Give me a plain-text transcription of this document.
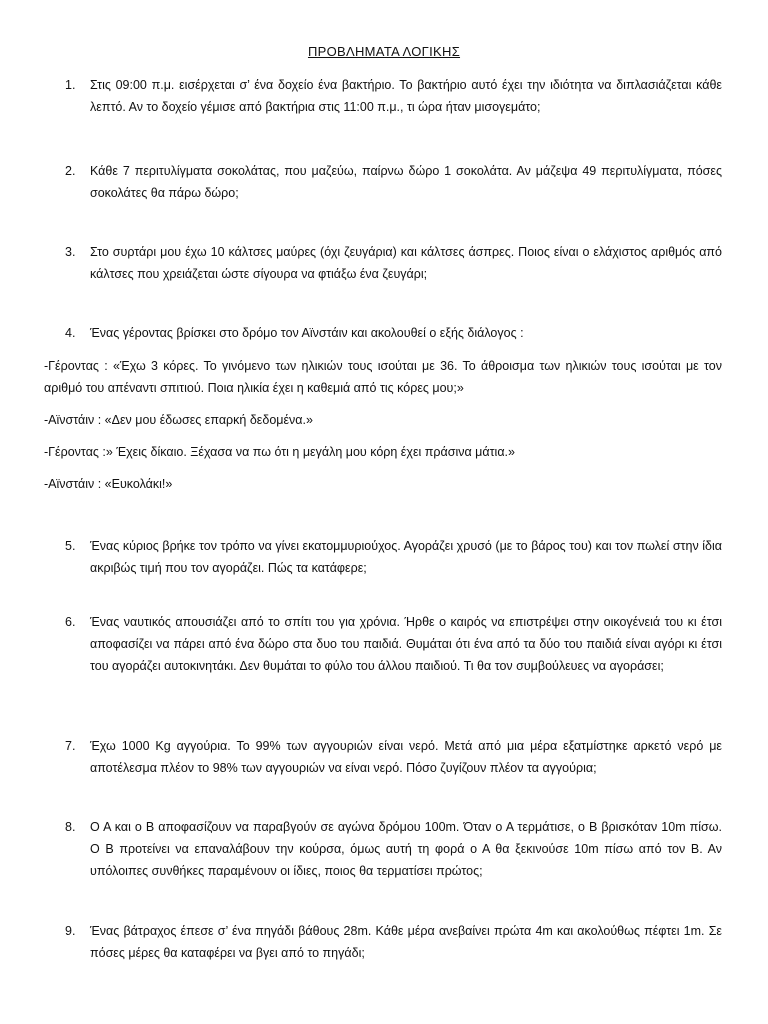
ΠΡΟΒΛΗΜΑΤΑ ΛΟΓΙΚΗΣ
1.	Στις 09:00 π.μ. εισέρχεται σ’ ένα δοχείο ένα βακτήριο. Το βακτήριο αυτό έχει την ιδιότητα να διπλασιάζεται κάθε λεπτό. Αν το δοχείο γέμισε από βακτήρια στις 11:00 π.μ., τι ώρα ήταν μισογεμάτο;
2.	Κάθε 7 περιτυλίγματα σοκολάτας, που μαζεύω, παίρνω δώρο 1 σοκολάτα. Αν μάζεψα 49 περιτυλίγματα, πόσες σοκολάτες θα πάρω δώρο;
3.	Στο συρτάρι μου έχω 10 κάλτσες μαύρες (όχι ζευγάρια) και κάλτσες άσπρες. Ποιος είναι ο ελάχιστος αριθμός από κάλτσες που χρειάζεται ώστε σίγουρα να φτιάξω ένα ζευγάρι;
4.	Ένας γέροντας βρίσκει στο δρόμο τον Αϊνστάιν και ακολουθεί ο εξής διάλογος :
-Γέροντας : «Έχω 3 κόρες. Το γινόμενο των ηλικιών τους ισούται με 36. Το άθροισμα των ηλικιών τους ισούται με τον αριθμό του απέναντι σπιτιού. Ποια ηλικία έχει η καθεμιά από τις κόρες μου;»
-Αϊνστάιν : «Δεν μου έδωσες επαρκή δεδομένα.»
-Γέροντας :» Έχεις δίκαιο. Ξέχασα να πω ότι η μεγάλη μου κόρη έχει πράσινα μάτια.»
-Αϊνστάιν : «Ευκολάκι!»
5.	Ένας κύριος βρήκε τον τρόπο να γίνει εκατομμυριούχος. Αγοράζει χρυσό (με το βάρος του) και τον πωλεί στην ίδια ακριβώς τιμή που τον αγοράζει. Πώς τα κατάφερε;
6.	Ένας ναυτικός απουσιάζει από το σπίτι του για χρόνια. Ήρθε ο καιρός να επιστρέψει στην οικογένειά του κι έτσι αποφασίζει να πάρει από ένα δώρο στα δυο του παιδιά. Θυμάται ότι ένα από τα δύο του παιδιά είναι αγόρι κι έτσι του αγοράζει αυτοκινητάκι. Δεν θυμάται το φύλο του άλλου παιδιού. Τι θα τον συμβούλευες να αγοράσει;
7.	Έχω 1000 Kg αγγούρια. Το 99% των αγγουριών είναι νερό. Μετά από μια μέρα εξατμίστηκε αρκετό νερό με αποτέλεσμα πλέον το 98% των αγγουριών να είναι νερό. Πόσο ζυγίζουν πλέον τα αγγούρια;
8.	Ο Α και ο Β αποφασίζουν να παραβγούν σε αγώνα δρόμου 100m. Όταν ο Α τερμάτισε, ο Β βρισκόταν 10m πίσω. Ο Β προτείνει να επαναλάβουν την κούρσα, όμως αυτή τη φορά ο Α θα ξεκινούσε 10m πίσω από τον Β. Αν υπόλοιπες συνθήκες παραμένουν οι ίδιες, ποιος θα τερματίσει πρώτος;
9.	Ένας βάτραχος έπεσε σ’ ένα πηγάδι βάθους 28m. Κάθε μέρα ανεβαίνει πρώτα 4m και ακολούθως πέφτει 1m. Σε πόσες μέρες θα καταφέρει να βγει από το πηγάδι;
